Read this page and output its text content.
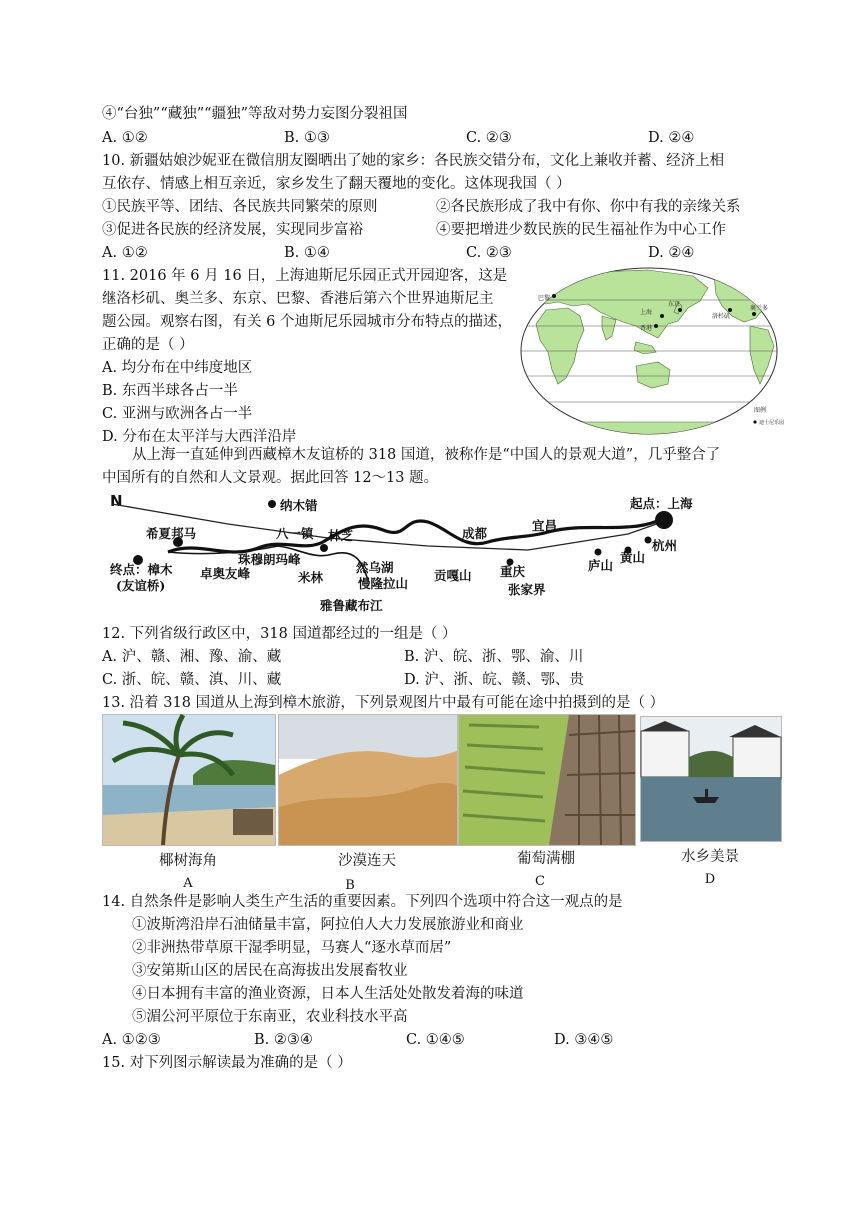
④“台独”“藏独”“疆独”等敌对势力妄图分裂祖国
A. ①②	B. ①③	C. ②③	D. ②④
10. 新疆姑娘沙妮亚在微信朋友圈晒出了她的家乡：各民族交错分布，文化上兼收并蓄、经济上相
互依存、情感上相互亲近，家乡发生了翻天覆地的变化。这体现我国（ ）
①民族平等、团结、各民族共同繁荣的原则	②各民族形成了我中有你、你中有我的亲缘关系
③促进各民族的经济发展，实现同步富裕	④要把增进少数民族的民生福祉作为中心工作
A. ①②	B. ①④	C. ②③	D. ②④
11. 2016 年 6 月 16 日，上海迪斯尼乐园正式开园迎客，这是
继洛杉矶、奥兰多、东京、巴黎、香港后第六个世界迪斯尼主
题公园。观察右图，有关 6 个迪斯尼乐园城市分布特点的描述，
正确的是（ ）
A. 均分布在中纬度地区
B. 东西半球各占一半
C. 亚洲与欧洲各占一半
D. 分布在太平洋与大西洋沿岸
巴黎
上海
东京
香港
洛杉矶
奥兰多
图例
迪士尼乐园
从上海一直延伸到西藏樟木友谊桥的 318 国道，被称作是“中国人的景观大道”，几乎整合了
中国所有的自然和人文景观。据此回答 12～13 题。
N	纳木错	起点：上海
希夏邦马	八一镇 林芝	成都
宜昌
珠穆朗玛峰
杭州
终点：樟木
(友谊桥)
卓奥友峰	米林
然乌湖
慢隆拉山
贡嘎山 重庆	庐山
黄山
张家界
雅鲁藏布江
12. 下列省级行政区中，318 国道都经过的一组是（ ）
A. 沪、赣、湘、豫、渝、藏	B. 沪、皖、浙、鄂、渝、川
C. 浙、皖、赣、滇、川、藏	D. 沪、浙、皖、赣、鄂、贵
13. 沿着 318 国道从上海到樟木旅游，下列景观图片中最有可能在途中拍摄到的是（ ）
椰树海角	沙漠连天	葡萄满棚	水乡美景
A	B	C	D
14. 自然条件是影响人类生产生活的重要因素。下列四个选项中符合这一观点的是
①波斯湾沿岸石油储量丰富，阿拉伯人大力发展旅游业和商业
②非洲热带草原干湿季明显，马赛人“逐水草而居”
③安第斯山区的居民在高海拔出发展畜牧业
④日本拥有丰富的渔业资源，日本人生活处处散发着海的味道
⑤湄公河平原位于东南亚，农业科技水平高
A. ①②③	B. ②③④	C. ①④⑤	D. ③④⑤
15. 对下列图示解读最为准确的是（ ）
